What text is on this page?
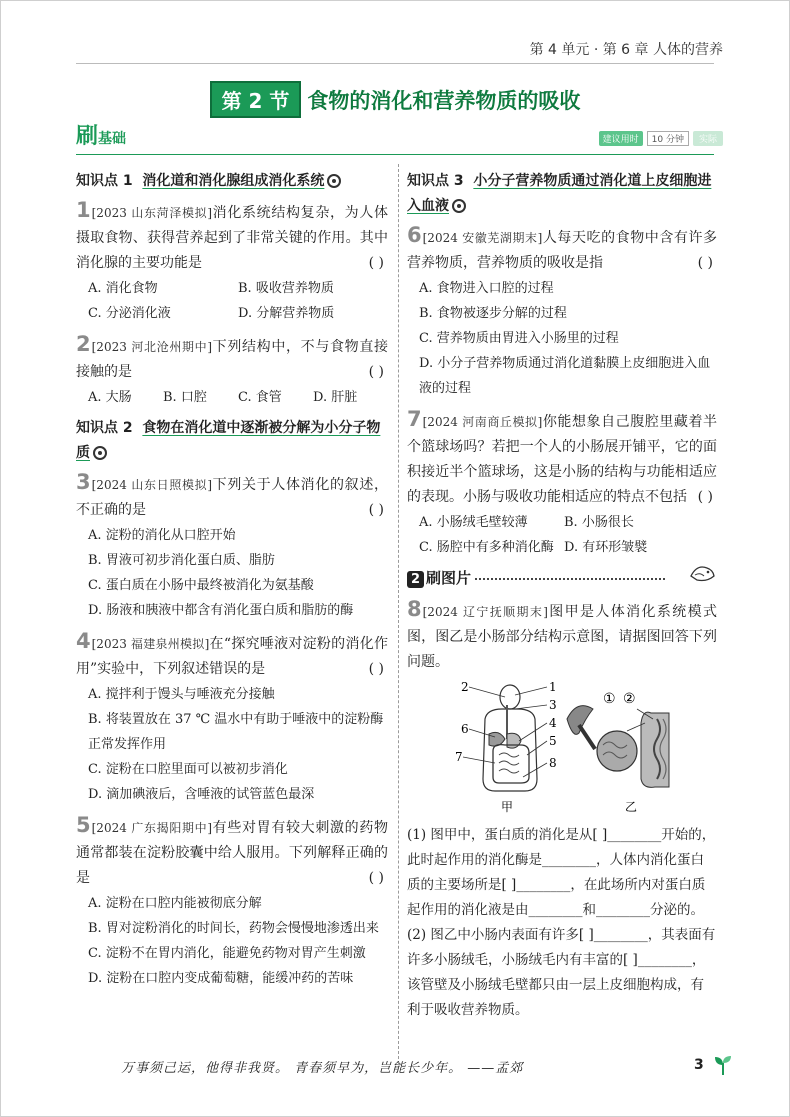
第 4 单元 · 第 6 章 人体的营养
第 2 节 食物的消化和营养物质的吸收
刷基础	建议用时	10 分钟	实际
知识点 1 消化道和消化腺组成消化系统
1[2023 山东菏泽模拟]消化系统结构复杂，为人体摄取食物、获得营养起到了非常关键的作用。其中消化腺的主要功能是	( )
A. 消化食物	B. 吸收营养物质
C. 分泌消化液	D. 分解营养物质
2[2023 河北沧州期中]下列结构中，不与食物直接接触的是	( )
A. 大肠	B. 口腔	C. 食管	D. 肝脏
知识点 2 食物在消化道中逐渐被分解为小分子物质
3[2024 山东日照模拟]下列关于人体消化的叙述，不正确的是	( )
A. 淀粉的消化从口腔开始
B. 胃液可初步消化蛋白质、脂肪
C. 蛋白质在小肠中最终被消化为氨基酸
D. 肠液和胰液中都含有消化蛋白质和脂肪的酶
4[2023 福建泉州模拟]在“探究唾液对淀粉的消化作用”实验中，下列叙述错误的是	( )
A. 搅拌利于馒头与唾液充分接触
B. 将装置放在 37 ℃ 温水中有助于唾液中的淀粉酶正常发挥作用
C. 淀粉在口腔里面可以被初步消化
D. 滴加碘液后，含唾液的试管蓝色最深
5[2024 广东揭阳期中]有些对胃有较大刺激的药物通常都装在淀粉胶囊中给人服用。下列解释正确的是	( )
A. 淀粉在口腔内能被彻底分解
B. 胃对淀粉消化的时间长，药物会慢慢地渗透出来
C. 淀粉不在胃内消化，能避免药物对胃产生刺激
D. 淀粉在口腔内变成葡萄糖，能缓冲药的苦味
知识点 3 小分子营养物质通过消化道上皮细胞进入血液
6[2024 安徽芜湖期末]人每天吃的食物中含有许多营养物质，营养物质的吸收是指	( )
A. 食物进入口腔的过程
B. 食物被逐步分解的过程
C. 营养物质由胃进入小肠里的过程
D. 小分子营养物质通过消化道黏膜上皮细胞进入血液的过程
7[2024 河南商丘模拟]你能想象自己腹腔里藏着半个篮球场吗？若把一个人的小肠展开铺平，它的面积接近半个篮球场，这是小肠的结构与功能相适应的表现。小肠与吸收功能相适应的特点不包括 ( )
A. 小肠绒毛壁较薄	B. 小肠很长
C. 肠腔中有多种消化酶 D. 有环形皱襞
2 刷图片
8[2024 辽宁抚顺期末]图甲是人体消化系统模式图，图乙是小肠部分结构示意图，请据图回答下列问题。
2	1
3
6	4
5
7	8
甲
① ②
乙
(1) 图甲中，蛋白质的消化是从[ ]________开始的，此时起作用的消化酶是________，人体内消化蛋白质的主要场所是[ ]________，在此场所内对蛋白质起作用的消化液是由________和________分泌的。
(2) 图乙中小肠内表面有许多[ ]________，其表面有许多小肠绒毛，小肠绒毛内有丰富的[ ]________，该管壁及小肠绒毛壁都只由一层上皮细胞构成，有利于吸收营养物质。
万事须己运，他得非我贤。 青春须早为，岂能长少年。 ——孟郊	3
